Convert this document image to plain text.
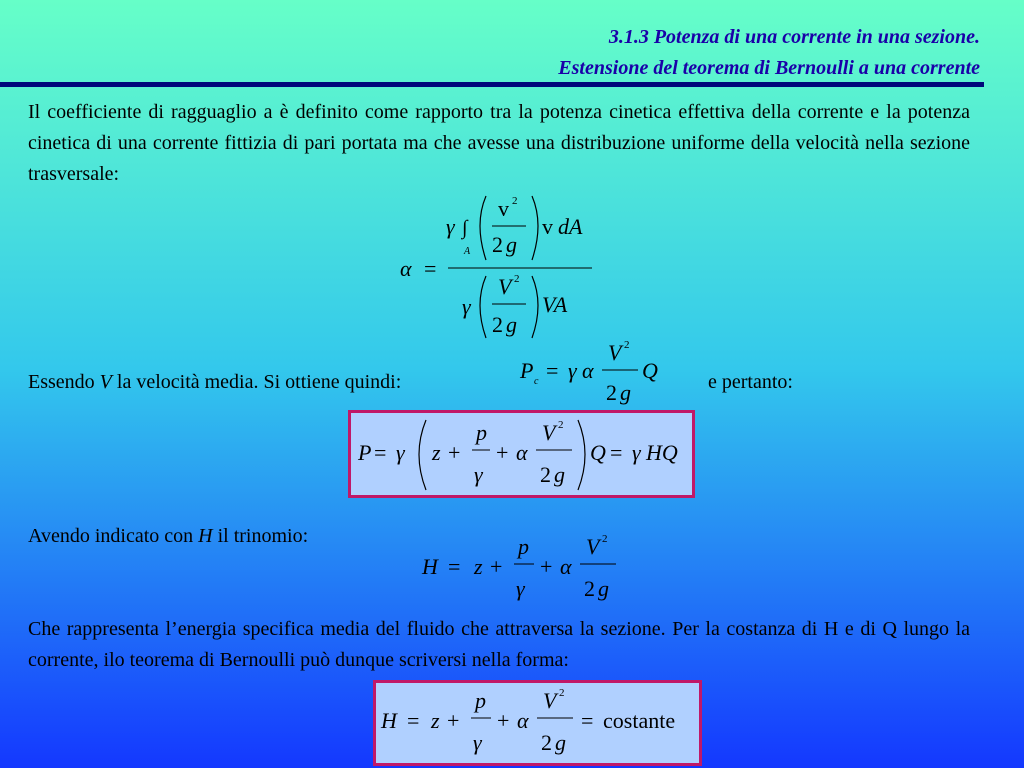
3.1.3 Potenza di una corrente in una sezione.
Estensione del teorema di Bernoulli a una corrente
Il coefficiente di ragguaglio a è definito come rapporto tra la potenza cinetica effettiva della corrente e la potenza cinetica di una corrente fittizia di pari portata ma che avesse una distribuzione uniforme della velocità nella sezione trasversale:
γ ∫
A
v 2
2 g
v dA
α =
γ
V 2
2 g
VA
Essendo V la velocità media. Si ottiene quindi:	P c = γ α
V 2
2 g
Q	e pertanto:
P = γ z +
p
γ
+ α
V 2
2 g
Q = γ HQ
Avendo indicato con H il trinomio:
H = z +
p
γ
+ α
V 2
2 g
Che rappresenta l’energia specifica media del fluido che attraversa la sezione. Per la costanza di H e di Q lungo la corrente, ilo teorema di Bernoulli può dunque scriversi nella forma:
H = z +
p
γ
+ α
V 2
2 g
= costante
